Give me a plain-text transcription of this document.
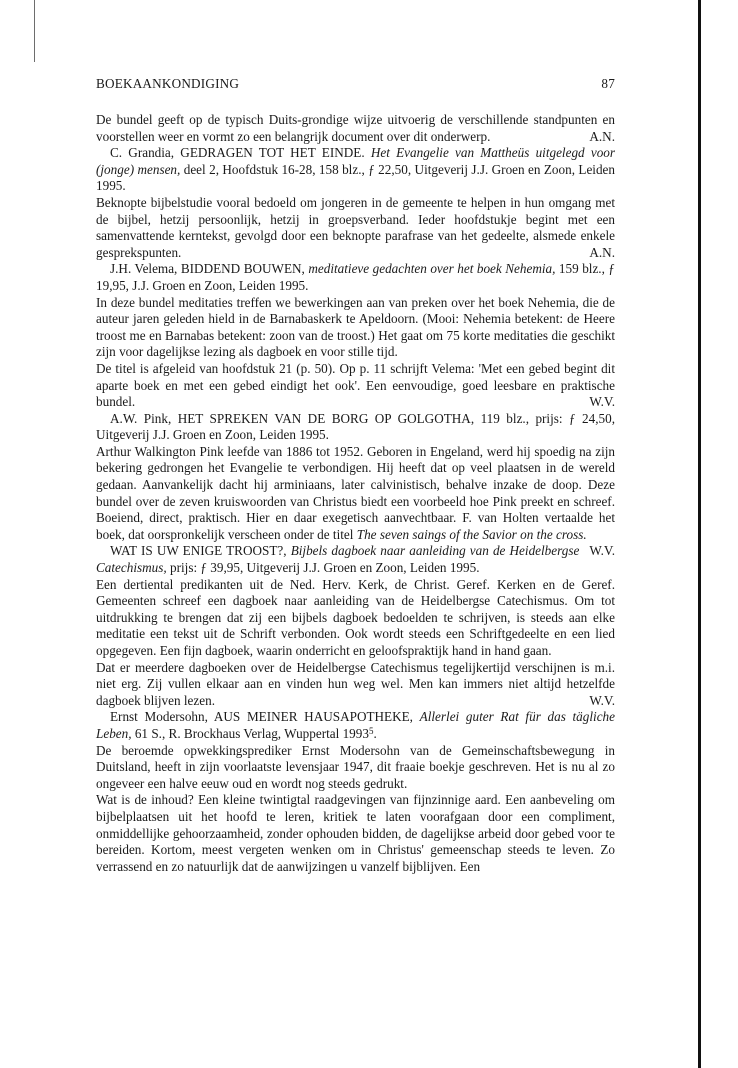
BOEKAANKONDIGING	87

De bundel geeft op de typisch Duits-grondige wijze uitvoerig de verschillende standpunten en voorstellen weer en vormt zo een belangrijk document over dit onderwerp.	A.N.

C. Grandia, GEDRAGEN TOT HET EINDE. Het Evangelie van Mattheüs uitgelegd voor (jonge) mensen, deel 2, Hoofdstuk 16-28, 158 blz., ƒ 22,50, Uitgeverij J.J. Groen en Zoon, Leiden 1995.

Beknopte bijbelstudie vooral bedoeld om jongeren in de gemeente te helpen in hun omgang met de bijbel, hetzij persoonlijk, hetzij in groepsverband. Ieder hoofdstukje begint met een samenvattende kerntekst, gevolgd door een beknopte parafrase van het gedeelte, alsmede enkele gesprekspunten.	A.N.

J.H. Velema, BIDDEND BOUWEN, meditatieve gedachten over het boek Nehemia, 159 blz., ƒ 19,95, J.J. Groen en Zoon, Leiden 1995.

In deze bundel meditaties treffen we bewerkingen aan van preken over het boek Nehemia, die de auteur jaren geleden hield in de Barnabaskerk te Apeldoorn. (Mooi: Nehemia betekent: de Heere troost me en Barnabas betekent: zoon van de troost.) Het gaat om 75 korte meditaties die geschikt zijn voor dagelijkse lezing als dagboek en voor stille tijd.

De titel is afgeleid van hoofdstuk 21 (p. 50). Op p. 11 schrijft Velema: 'Met een gebed begint dit aparte boek en met een gebed eindigt het ook'. Een eenvoudige, goed leesbare en praktische bundel.	W.V.

A.W. Pink, HET SPREKEN VAN DE BORG OP GOLGOTHA, 119 blz., prijs: ƒ 24,50, Uitgeverij J.J. Groen en Zoon, Leiden 1995.

Arthur Walkington Pink leefde van 1886 tot 1952. Geboren in Engeland, werd hij spoedig na zijn bekering gedrongen het Evangelie te verbondigen. Hij heeft dat op veel plaatsen in de wereld gedaan. Aanvankelijk dacht hij arminiaans, later calvinistisch, behalve inzake de doop. Deze bundel over de zeven kruiswoorden van Christus biedt een voorbeeld hoe Pink preekt en schreef. Boeiend, direct, praktisch. Hier en daar exegetisch aanvechtbaar. F. van Holten vertaalde het boek, dat oorspronkelijk verscheen onder de titel The seven saings of the Savior on the cross.
W.V.

WAT IS UW ENIGE TROOST?, Bijbels dagboek naar aanleiding van de Heidelbergse Catechismus, prijs: ƒ 39,95, Uitgeverij J.J. Groen en Zoon, Leiden 1995.

Een dertiental predikanten uit de Ned. Herv. Kerk, de Christ. Geref. Kerken en de Geref. Gemeenten schreef een dagboek naar aanleiding van de Heidelbergse Catechismus. Om tot uitdrukking te brengen dat zij een bijbels dagboek bedoelden te schrijven, is steeds aan elke meditatie een tekst uit de Schrift verbonden. Ook wordt steeds een Schriftgedeelte en een lied opgegeven. Een fijn dagboek, waarin onderricht en geloofspraktijk hand in hand gaan.

Dat er meerdere dagboeken over de Heidelbergse Catechismus tegelijkertijd verschijnen is m.i. niet erg. Zij vullen elkaar aan en vinden hun weg wel. Men kan immers niet altijd hetzelfde dagboek blijven lezen.	W.V.

Ernst Modersohn, AUS MEINER HAUSAPOTHEKE, Allerlei guter Rat für das tägliche Leben, 61 S., R. Brockhaus Verlag, Wuppertal 1993$^5$.

De beroemde opwekkingsprediker Ernst Modersohn van de Gemeinschaftsbewegung in Duitsland, heeft in zijn voorlaatste levensjaar 1947, dit fraaie boekje geschreven. Het is nu al zo ongeveer een halve eeuw oud en wordt nog steeds gedrukt.

Wat is de inhoud? Een kleine twintigtal raadgevingen van fijnzinnige aard. Een aanbeveling om bijbelplaatsen uit het hoofd te leren, kritiek te laten voorafgaan door een compliment, onmiddellijke gehoorzaamheid, zonder ophouden bidden, de dagelijkse arbeid door gebed voor te bereiden. Kortom, meest vergeten wenken om in Christus' gemeenschap steeds te leven. Zo verrassend en zo natuurlijk dat de aanwijzingen u vanzelf bijblijven. Een
